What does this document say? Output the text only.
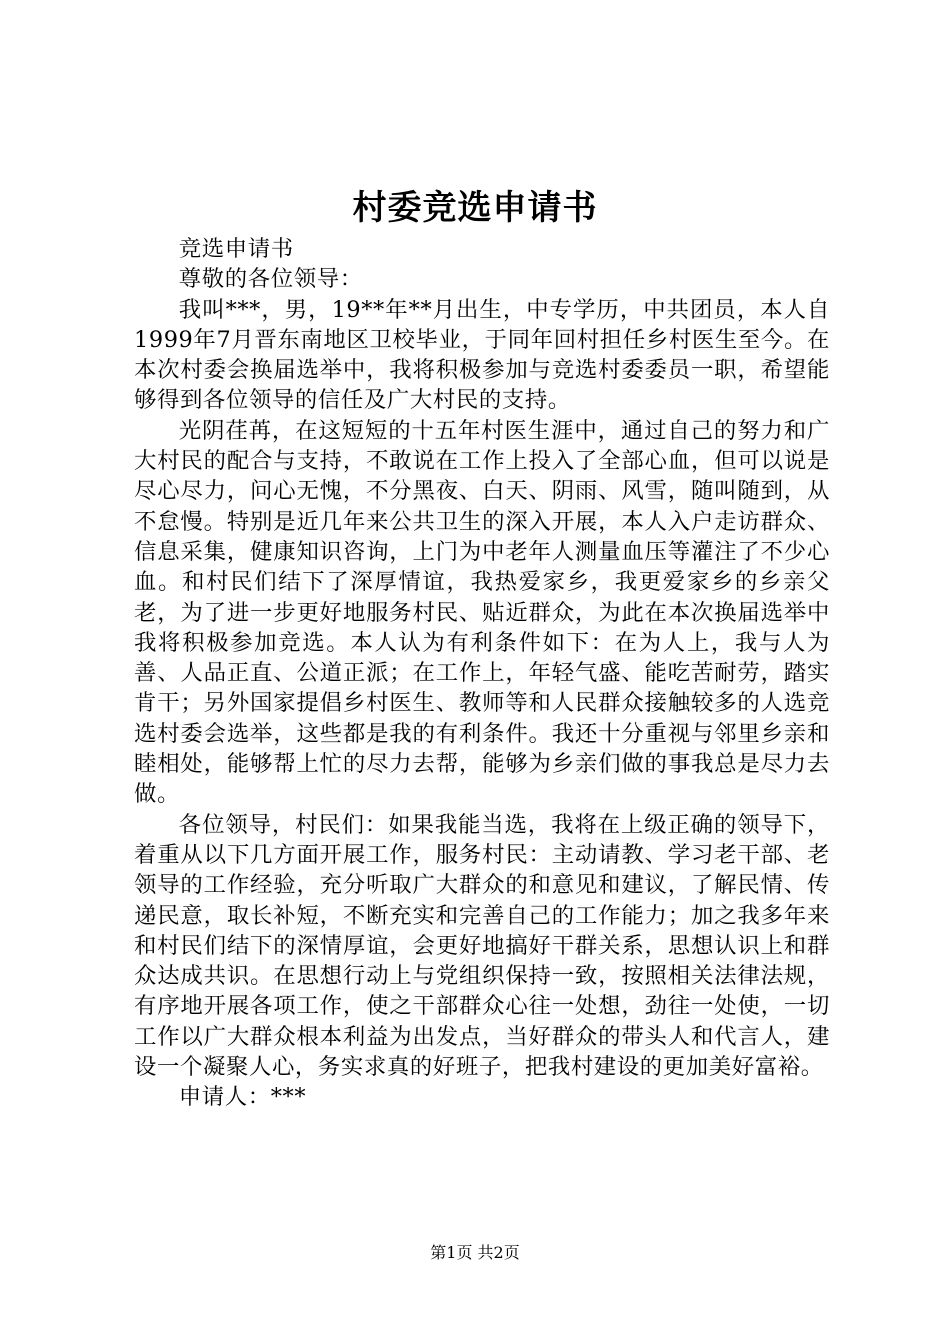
村委竞选申请书

竞选申请书

尊敬的各位领导：

我叫***，男，19**年**月出生，中专学历，中共团员，本人自1999年7月晋东南地区卫校毕业，于同年回村担任乡村医生至今。在本次村委会换届选举中，我将积极参加与竞选村委委员一职，希望能够得到各位领导的信任及广大村民的支持。

光阴荏苒，在这短短的十五年村医生涯中，通过自己的努力和广大村民的配合与支持，不敢说在工作上投入了全部心血，但可以说是尽心尽力，问心无愧，不分黑夜、白天、阴雨、风雪，随叫随到，从不怠慢。特别是近几年来公共卫生的深入开展，本人入户走访群众、信息采集，健康知识咨询，上门为中老年人测量血压等灌注了不少心血。和村民们结下了深厚情谊，我热爱家乡，我更爱家乡的乡亲父老，为了进一步更好地服务村民、贴近群众，为此在本次换届选举中我将积极参加竞选。本人认为有利条件如下：在为人上，我与人为善、人品正直、公道正派；在工作上，年轻气盛、能吃苦耐劳，踏实肯干；另外国家提倡乡村医生、教师等和人民群众接触较多的人选竞选村委会选举，这些都是我的有利条件。我还十分重视与邻里乡亲和睦相处，能够帮上忙的尽力去帮，能够为乡亲们做的事我总是尽力去做。

各位领导，村民们：如果我能当选，我将在上级正确的领导下，着重从以下几方面开展工作，服务村民：主动请教、学习老干部、老领导的工作经验，充分听取广大群众的和意见和建议，了解民情、传递民意，取长补短，不断充实和完善自己的工作能力；加之我多年来和村民们结下的深情厚谊，会更好地搞好干群关系，思想认识上和群众达成共识。在思想行动上与党组织保持一致，按照相关法律法规，有序地开展各项工作，使之干部群众心往一处想，劲往一处使，一切工作以广大群众根本利益为出发点，当好群众的带头人和代言人，建设一个凝聚人心，务实求真的好班子，把我村建设的更加美好富裕。

申请人：***

第1页 共2页
